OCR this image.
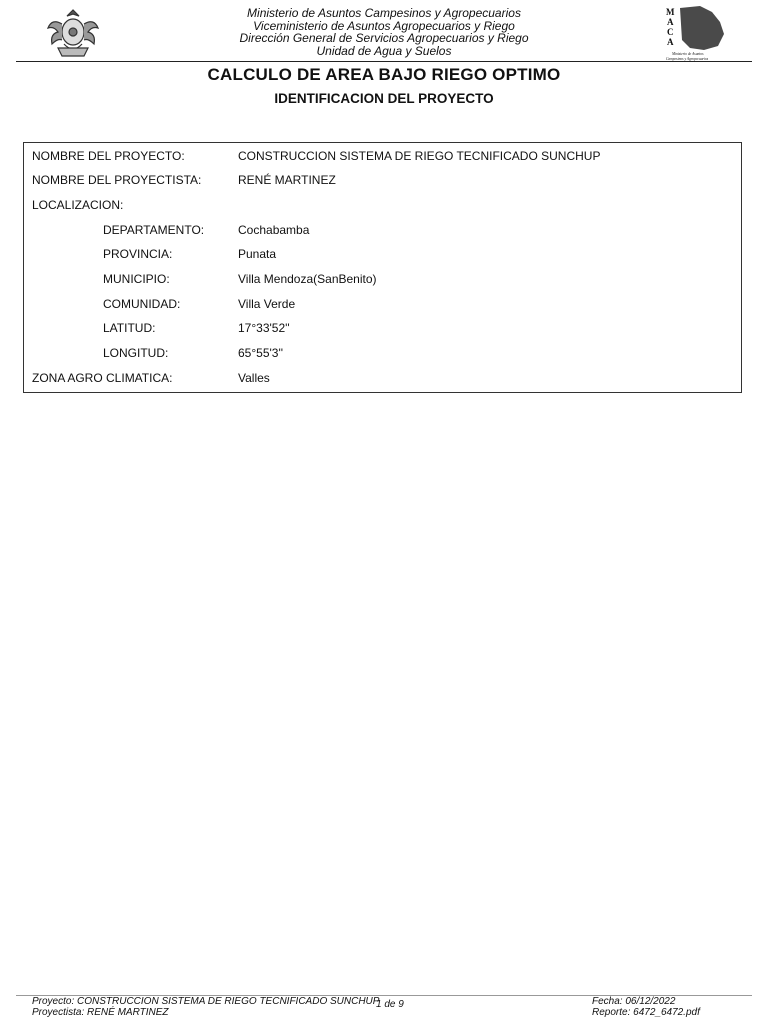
Ministerio de Asuntos Campesinos y Agropecuarios
Viceministerio de Asuntos Agropecuarios y Riego
Dirección General de Servicios Agropecuarios y Riego
Unidad de Agua y Suelos
M
A
C
A
Ministerio de Asuntos
Campesinos y Agropecuarios
CALCULO DE AREA BAJO RIEGO OPTIMO
IDENTIFICACION DEL PROYECTO
NOMBRE DEL PROYECTO:	CONSTRUCCION SISTEMA DE RIEGO TECNIFICADO SUNCHUP
NOMBRE DEL PROYECTISTA:	RENÉ MARTINEZ
LOCALIZACION:
DEPARTAMENTO:	Cochabamba
PROVINCIA:	Punata
MUNICIPIO:	Villa Mendoza(SanBenito)
COMUNIDAD:	Villa Verde
LATITUD:	17°33'52''
LONGITUD:	65°55'3''
ZONA AGRO CLIMATICA:	Valles
Proyecto: CONSTRUCCION SISTEMA DE RIEGO TECNIFICADO SUNCHUP
Proyectista: RENÉ MARTINEZ
1 de 9	Fecha: 06/12/2022
Reporte: 6472_6472.pdf
